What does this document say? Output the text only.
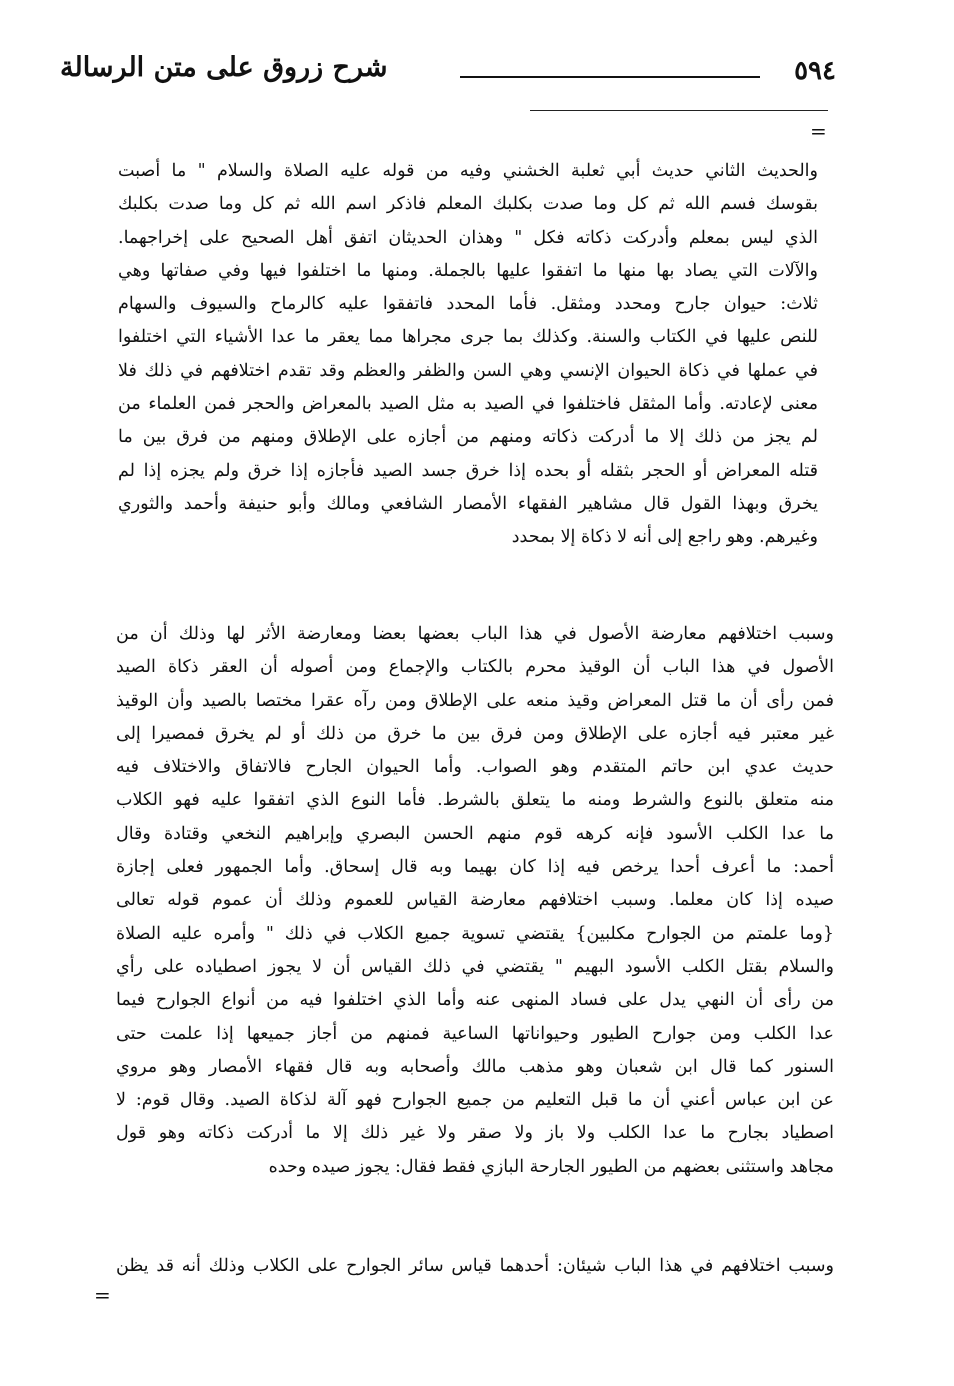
٥٩٤
شرح زروق على متن الرسالة
=

والحديث الثاني حديث أبي ثعلبة الخشني وفيه من قوله عليه الصلاة والسلام " ما أصبت
بقوسك فسم الله ثم كل وما صدت بكلبك المعلم فاذكر اسم الله ثم كل وما صدت بكلبك
الذي ليس بمعلم وأدركت ذكاته فكل " وهذان الحديثان اتفق أهل الصحيح على إخراجهما.
والآلات التي يصاد بها منها ما اتفقوا عليها بالجملة. ومنها ما اختلفوا فيها وفي صفاتها وهي
ثلاث: حيوان جارح ومحدد ومثقل. فأما المحدد فاتفقوا عليه كالرماح والسيوف والسهام
للنص عليها في الكتاب والسنة. وكذلك بما جرى مجراها مما يعقر ما عدا الأشياء التي اختلفوا
في عملها في ذكاة الحيوان الإنسي وهي السن والظفر والعظم وقد تقدم اختلافهم في ذلك فلا
معنى لإعادته. وأما المثقل فاختلفوا في الصيد به مثل الصيد بالمعراض والحجر فمن العلماء من
لم يجز من ذلك إلا ما أدركت ذكاته ومنهم من أجازه على الإطلاق ومنهم من فرق بين ما
قتله المعراض أو الحجر بثقله أو بحده إذا خرق جسد الصيد فأجازه إذا خرق ولم يجزه إذا لم
يخرق وبهذا القول قال مشاهير الفقهاء الأمصار الشافعي ومالك وأبو حنيفة وأحمد والثوري
وغيرهم. وهو راجع إلى أنه لا ذكاة إلا بمحدد

وسبب اختلافهم معارضة الأصول في هذا الباب بعضها بعضا ومعارضة الأثر لها وذلك أن من
الأصول في هذا الباب أن الوقيذ محرم بالكتاب والإجماع ومن أصوله أن العقر ذكاة الصيد
فمن رأى أن ما قتل المعراض وقيذ منعه على الإطلاق ومن رآه عقرا مختصا بالصيد وأن الوقيذ
غير معتبر فيه أجازه على الإطلاق ومن فرق بين ما خرق من ذلك أو لم يخرق فمصيرا إلى
حديث عدي ابن حاتم المتقدم وهو الصواب. وأما الحيوان الجارح فالاتفاق والاختلاف فيه
منه متعلق بالنوع والشرط ومنه ما يتعلق بالشرط. فأما النوع الذي اتفقوا عليه فهو الكلاب
ما عدا الكلب الأسود فإنه كرهه قوم منهم الحسن البصري وإبراهيم النخعي وقتادة وقال
أحمد: ما أعرف أحدا يرخص فيه إذا كان بهيما وبه قال إسحاق. وأما الجمهور فعلى إجازة
صيده إذا كان معلما. وسبب اختلافهم معارضة القياس للعموم وذلك أن عموم قوله تعالى
{وما علمتم من الجوارح مكلبين} يقتضي تسوية جميع الكلاب في ذلك " وأمره عليه الصلاة
والسلام بقتل الكلب الأسود البهيم " يقتضي في ذلك القياس أن لا يجوز اصطياده على رأي
من رأى أن النهي يدل على فساد المنهى عنه وأما الذي اختلفوا فيه من أنواع الجوارح فيما
عدا الكلب ومن جوارح الطيور وحيواناتها الساعية فمنهم من أجاز جميعها إذا علمت حتى
السنور كما قال ابن شعبان وهو مذهب مالك وأصحابه وبه قال فقهاء الأمصار وهو مروي
عن ابن عباس أعني أن ما قبل التعليم من جميع الجوارح فهو آلة لذكاة الصيد. وقال قوم: لا
اصطياد بجارح ما عدا الكلب ولا باز ولا صقر ولا غير ذلك إلا ما أدركت ذكاته وهو قول
مجاهد واستثنى بعضهم من الطيور الجارحة البازي فقط فقال: يجوز صيده وحده

وسبب اختلافهم في هذا الباب شيئان: أحدهما قياس سائر الجوارح على الكلاب وذلك أنه قد يظن

=
